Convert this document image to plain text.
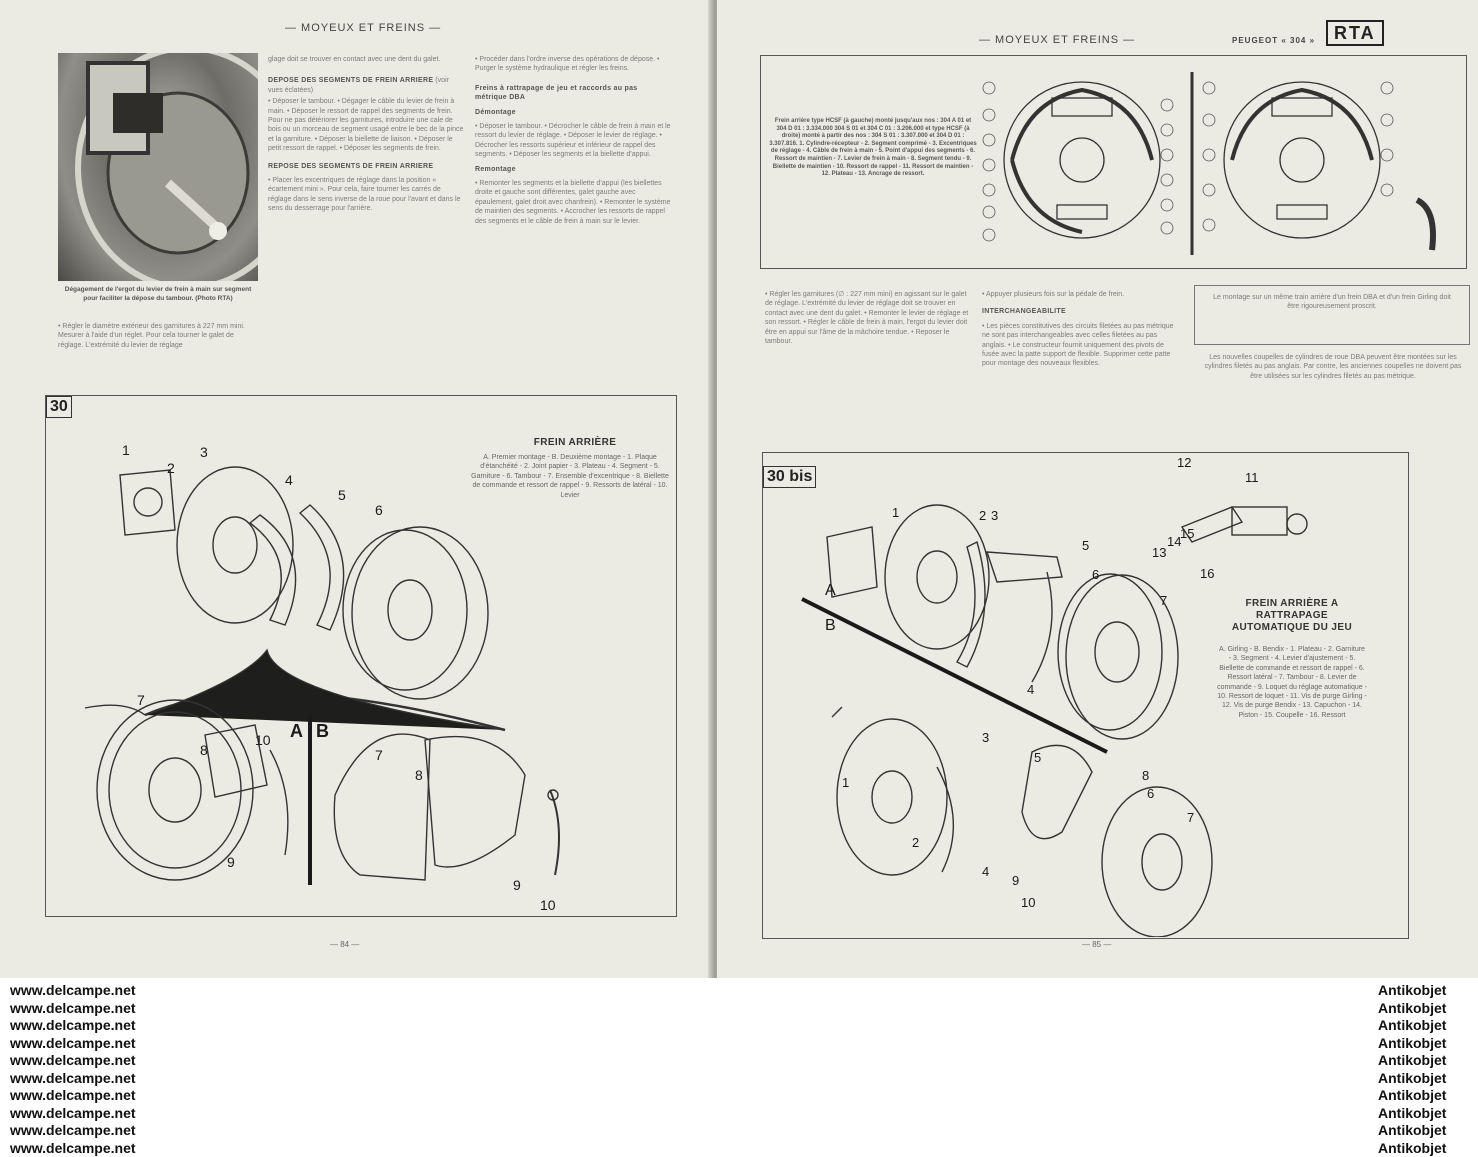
— MOYEUX ET FREINS —
Dégagement de l'ergot du levier de frein à main sur segment pour faciliter la dépose du tambour. (Photo RTA)

• Régler le diamètre extérieur des garnitures à 227 mm mini. Mesurer à l'aide d'un réglet. Pour cela tourner le galet de réglage. L'extrémité du levier de réglage

glage doit se trouver en contact avec une dent du galet.

DEPOSE DES SEGMENTS DE FREIN ARRIERE (voir vues éclatées)

• Déposer le tambour. • Dégager le câble du levier de frein à main. • Déposer le ressort de rappel des segments de frein. Pour ne pas détériorer les garnitures, introduire une cale de bois ou un morceau de segment usagé entre le bec de la pince et la garniture. • Déposer la biellette de liaison. • Déposer le petit ressort de rappel. • Déposer les segments de frein.

REPOSE DES SEGMENTS DE FREIN ARRIERE

• Placer les excentriques de réglage dans la position « écartement mini ». Pour cela, faire tourner les carrés de réglage dans le sens inverse de la roue pour l'avant et dans le sens du desserrage pour l'arrière.

• Procéder dans l'ordre inverse des opérations de dépose. • Purger le système hydraulique et régler les freins.

Freins à rattrapage de jeu et raccords au pas métrique DBA

Démontage

• Déposer le tambour. • Décrocher le câble de frein à main et le ressort du levier de réglage. • Déposer le levier de réglage. • Décrocher les ressorts supérieur et inférieur de rappel des segments. • Déposer les segments et la biellette d'appui.

Remontage

• Remonter les segments et la biellette d'appui (les biellettes droite et gauche sont différentes, galet gauche avec épaulement, galet droit avec chanfrein). • Remonter le système de maintien des segments. • Accrocher les ressorts de rappel des segments et le câble de frein à main sur le levier.

30
FREIN ARRIÈRE
A. Premier montage - B. Deuxième montage - 1. Plaque d'étanchéité - 2. Joint papier - 3. Plateau - 4. Segment - 5. Garniture - 6. Tambour - 7. Ensemble d'excentrique - 8. Biellette de commande et ressort de rappel - 9. Ressorts de latéral - 10. Levier
1
2
3
4
5
6
7
8
9
10
8
9
10
7
A B
— 84 —
— MOYEUX ET FREINS —	PEUGEOT « 304 »
Frein arrière type HCSF (à gauche) monté jusqu'aux nos : 304 A 01 et 304 D 01 : 3.334.000 304 S 01 et 304 C 01 : 3.206.000 et type HCSF (à droite) monté à partir des nos : 304 S 01 : 3.307.000 et 304 D 01 : 3.307.816. 1. Cylindre-récepteur - 2. Segment comprimé - 3. Excentriques de réglage - 4. Câble de frein à main - 5. Point d'appui des segments - 6. Ressort de maintien - 7. Levier de frein à main - 8. Segment tendu - 9. Biellette de maintien - 10. Ressort de rappel - 11. Ressort de maintien - 12. Plateau - 13. Ancrage de ressort.

• Régler les garnitures (∅ : 227 mm mini) en agissant sur le galet de réglage. L'extrémité du levier de réglage doit se trouver en contact avec une dent du galet. • Remonter le levier de réglage et son ressort. • Régler le câble de frein à main, l'ergot du levier doit être en appui sur l'âme de la mâchoire tendue. • Reposer le tambour.

• Appuyer plusieurs fois sur la pédale de frein.

INTERCHANGEABILITE

• Les pièces constitutives des circuits filetées au pas métrique ne sont pas interchangeables avec celles filetées au pas anglais. • Le constructeur fournit uniquement des pivots de fusée avec la patte support de flexible. Supprimer cette patte pour montage des nouveaux flexibles.

Le montage sur un même train arrière d'un frein DBA et d'un frein Girling doit être rigoureusement proscrit.
Les nouvelles coupelles de cylindres de roue DBA peuvent être montées sur les cylindres filetés au pas anglais. Par contre, les anciennes coupelles ne doivent pas être utilisées sur les cylindres filetés au pas métrique.
30 bis
FREIN ARRIÈRE A RATTRAPAGE AUTOMATIQUE DU JEU
A. Girling - B. Bendix - 1. Plateau - 2. Garniture - 3. Segment - 4. Levier d'ajustement - 5. Biellette de commande et ressort de rappel - 6. Ressort latéral - 7. Tambour - 8. Levier de commande - 9. Loquet du réglage automatique - 10. Ressort de loquet - 11. Vis de purge Girling - 12. Vis de purge Bendix - 13. Capuchon - 14. Piston - 15. Coupelle - 16. Ressort
12
11
1	2 3
5
6
13
14
15
16
7
A
B
4
3
5
1	8
6
2
4
9
10
7
— 85 —
RTA
www.delcampe.net
www.delcampe.net
www.delcampe.net
www.delcampe.net
www.delcampe.net
www.delcampe.net
www.delcampe.net
www.delcampe.net
www.delcampe.net
www.delcampe.net
Antikobjet
Antikobjet
Antikobjet
Antikobjet
Antikobjet
Antikobjet
Antikobjet
Antikobjet
Antikobjet
Antikobjet
